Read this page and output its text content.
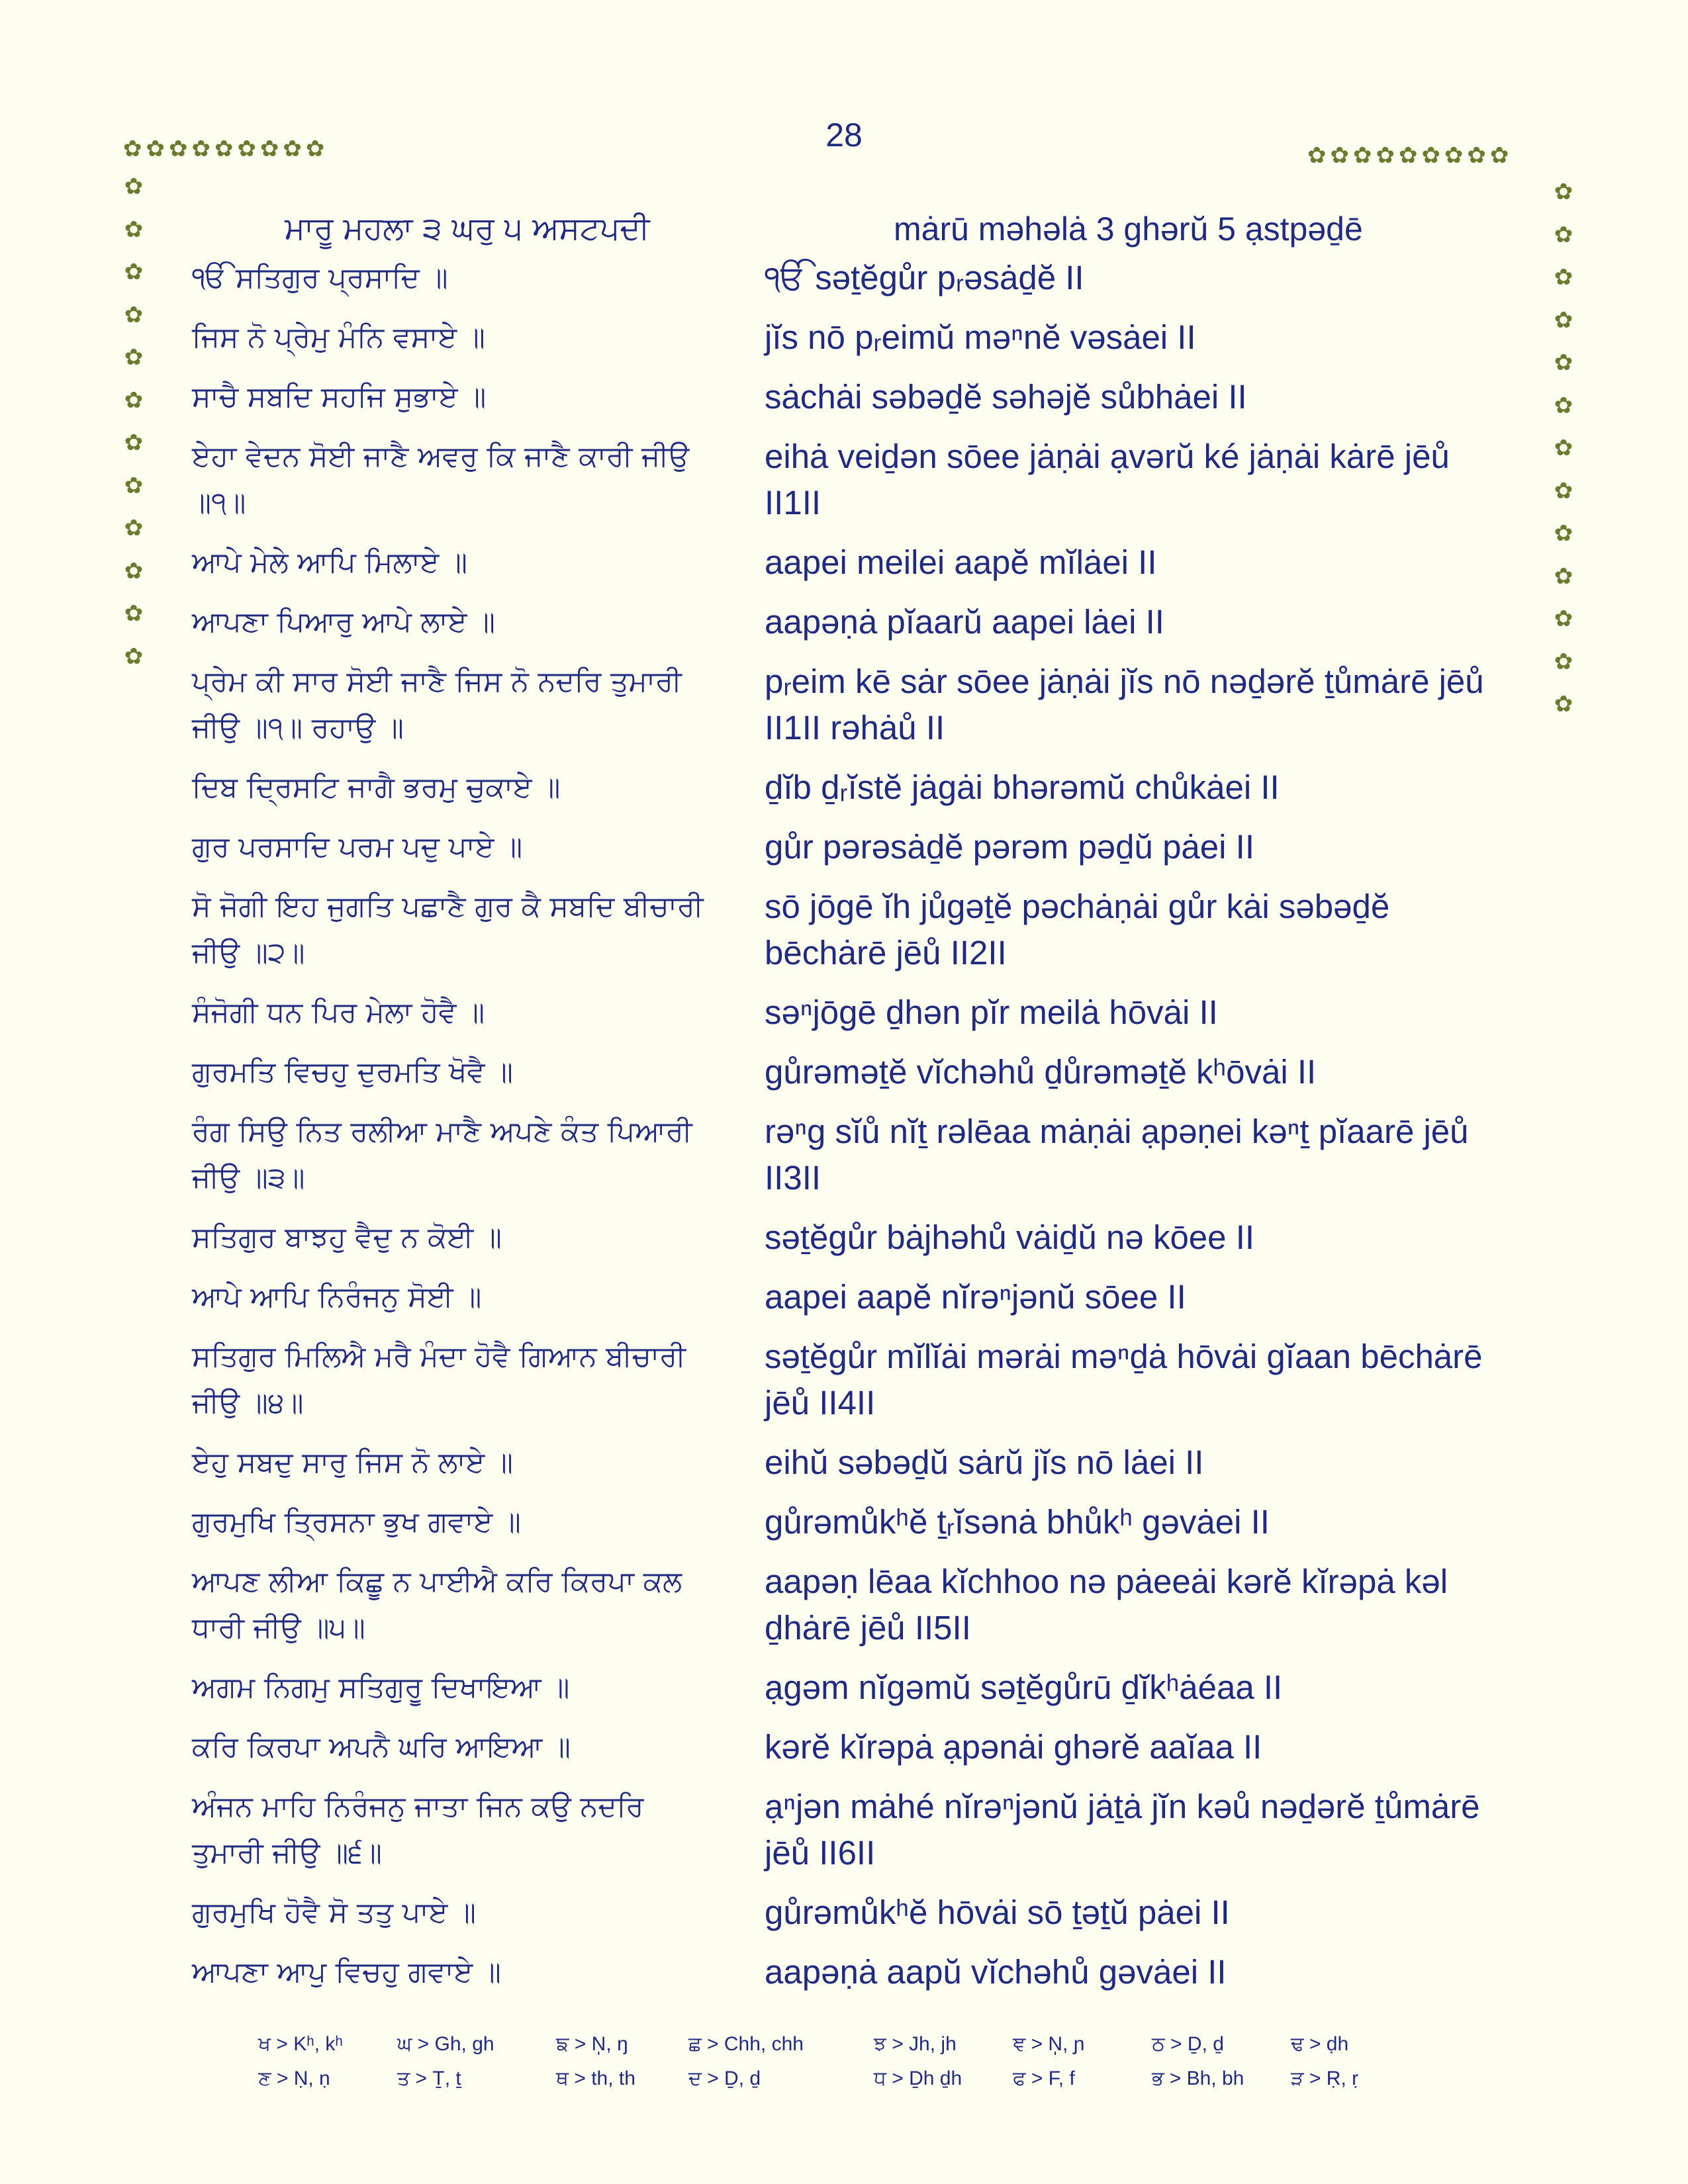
28
✿✿✿✿✿✿✿✿✿	✿✿✿✿✿✿✿✿✿
✿
✿
✿
✿
✿
✿
✿
✿
✿
✿
✿
✿
✿
✿
✿
✿
✿
✿
✿
✿
✿
✿
✿
✿
✿
ਮਾਰੂ ਮਹਲਾ ੩ ਘਰੁ ੫ ਅਸਟਪਦੀ	mȧrū məhəlȧ 3 ghərŭ 5 ạstpəḏē
ੴ ਸਤਿਗੁਰ ਪ੍ਰਸਾਦਿ ॥	ੴ səṯĕgůr pᵣəsȧḏĕ II
ਜਿਸ ਨੋ ਪ੍ਰੇਮੁ ਮੰਨਿ ਵਸਾਏ ॥	jĭs nō pᵣeimŭ məⁿnĕ vəsȧei II
ਸਾਚੈ ਸਬਦਿ ਸਹਜਿ ਸੁਭਾਏ ॥	sȧchȧi səbəḏĕ səhəjĕ sůbhȧei II
ਏਹਾ ਵੇਦਨ ਸੋਈ ਜਾਣੈ ਅਵਰੁ ਕਿ ਜਾਣੈ ਕਾਰੀ ਜੀਉ
॥੧॥
eihȧ veiḏən sōee jȧṇȧi ạvərŭ ké jȧṇȧi kȧrē jēů II1II
ਆਪੇ ਮੇਲੇ ਆਪਿ ਮਿਲਾਏ ॥	aapei meilei aapĕ mĭlȧei II
ਆਪਣਾ ਪਿਆਰੁ ਆਪੇ ਲਾਏ ॥	aapəṇȧ pĭaarŭ aapei lȧei II
ਪ੍ਰੇਮ ਕੀ ਸਾਰ ਸੋਈ ਜਾਣੈ ਜਿਸ ਨੋ ਨਦਰਿ ਤੁਮਾਰੀ
ਜੀਉ ॥੧॥ ਰਹਾਉ ॥
pᵣeim kē sȧr sōee jȧṇȧi jĭs nō nəḏərĕ ṯůmȧrē jēů II1II rəhȧů II
ਦਿਬ ਦ੍ਰਿਸਟਿ ਜਾਗੈ ਭਰਮੁ ਚੁਕਾਏ ॥	ḏĭb ḏᵣĭstĕ jȧgȧi bhərəmŭ chůkȧei II
ਗੁਰ ਪਰਸਾਦਿ ਪਰਮ ਪਦੁ ਪਾਏ ॥	gůr pərəsȧḏĕ pərəm pəḏŭ pȧei II
ਸੋ ਜੋਗੀ ਇਹ ਜੁਗਤਿ ਪਛਾਣੈ ਗੁਰ ਕੈ ਸਬਦਿ ਬੀਚਾਰੀ
ਜੀਉ ॥੨॥
sō jōgē ĭh jůgəṯĕ pəchȧṇȧi gůr kȧi səbəḏĕ bēchȧrē jēů II2II
ਸੰਜੋਗੀ ਧਨ ਪਿਰ ਮੇਲਾ ਹੋਵੈ ॥	səⁿjōgē ḏhən pĭr meilȧ hōvȧi II
ਗੁਰਮਤਿ ਵਿਚਹੁ ਦੁਰਮਤਿ ਖੋਵੈ ॥	gůrəməṯĕ vĭchəhů ḏůrəməṯĕ kʰōvȧi II
ਰੰਗ ਸਿਉ ਨਿਤ ਰਲੀਆ ਮਾਣੈ ਅਪਣੇ ਕੰਤ ਪਿਆਰੀ
ਜੀਉ ॥੩॥
rəⁿg sĭů nĭṯ rəlēaa mȧṇȧi ạpəṇei kəⁿṯ pĭaarē jēů II3II
ਸਤਿਗੁਰ ਬਾਝਹੁ ਵੈਦੁ ਨ ਕੋਈ ॥	səṯĕgůr bȧjhəhů vȧiḏŭ nə kōee II
ਆਪੇ ਆਪਿ ਨਿਰੰਜਨੁ ਸੋਈ ॥	aapei aapĕ nĭrəⁿjənŭ sōee II
ਸਤਿਗੁਰ ਮਿਲਿਐ ਮਰੈ ਮੰਦਾ ਹੋਵੈ ਗਿਆਨ ਬੀਚਾਰੀ
ਜੀਉ ॥੪॥
səṯĕgůr mĭlĭȧi mərȧi məⁿḏȧ hōvȧi gĭaan bēchȧrē jēů II4II
ਏਹੁ ਸਬਦੁ ਸਾਰੁ ਜਿਸ ਨੋ ਲਾਏ ॥	eihŭ səbəḏŭ sȧrŭ jĭs nō lȧei II
ਗੁਰਮੁਖਿ ਤ੍ਰਿਸਨਾ ਭੁਖ ਗਵਾਏ ॥	gůrəmůkʰĕ ṯᵣĭsənȧ bhůkʰ gəvȧei II
ਆਪਣ ਲੀਆ ਕਿਛੂ ਨ ਪਾਈਐ ਕਰਿ ਕਿਰਪਾ ਕਲ
ਧਾਰੀ ਜੀਉ ॥੫॥
aapəṇ lēaa kĭchhoo nə pȧeeȧi kərĕ kĭrəpȧ kəl ḏhȧrē jēů II5II
ਅਗਮ ਨਿਗਮੁ ਸਤਿਗੁਰੂ ਦਿਖਾਇਆ ॥	ạgəm nĭgəmŭ səṯĕgůrū ḏĭkʰȧéaa II
ਕਰਿ ਕਿਰਪਾ ਅਪਨੈ ਘਰਿ ਆਇਆ ॥	kərĕ kĭrəpȧ ạpənȧi ghərĕ aaĭaa II
ਅੰਜਨ ਮਾਹਿ ਨਿਰੰਜਨੁ ਜਾਤਾ ਜਿਨ ਕਉ ਨਦਰਿ
ਤੁਮਾਰੀ ਜੀਉ ॥੬॥
ạⁿjən mȧhé nĭrəⁿjənŭ jȧṯȧ jĭn kəů nəḏərĕ ṯůmȧrē jēů II6II
ਗੁਰਮੁਖਿ ਹੋਵੈ ਸੋ ਤਤੁ ਪਾਏ ॥	gůrəmůkʰĕ hōvȧi sō ṯəṯŭ pȧei II
ਆਪਣਾ ਆਪੁ ਵਿਚਹੁ ਗਵਾਏ ॥	aapəṇȧ aapŭ vĭchəhů gəvȧei II
ਖ > Kʰ, kʰ	ਘ > Gh, gh	ਙ > N̩, ŋ	ਛ > Chh, chh	ਝ > Jh, jh	ਞ > N̩, ɲ	ਠ > Ḏ, ḏ	ਢ > ḍh
ਣ > Ṇ, ṇ	ਤ > Ṯ, ṯ	ਥ > th, th	ਦ > Ḏ, ḏ	ਧ > Ḏh ḏh	ਫ > F, f	ਭ > Bh, bh ੜ > Ṛ, ṛ
